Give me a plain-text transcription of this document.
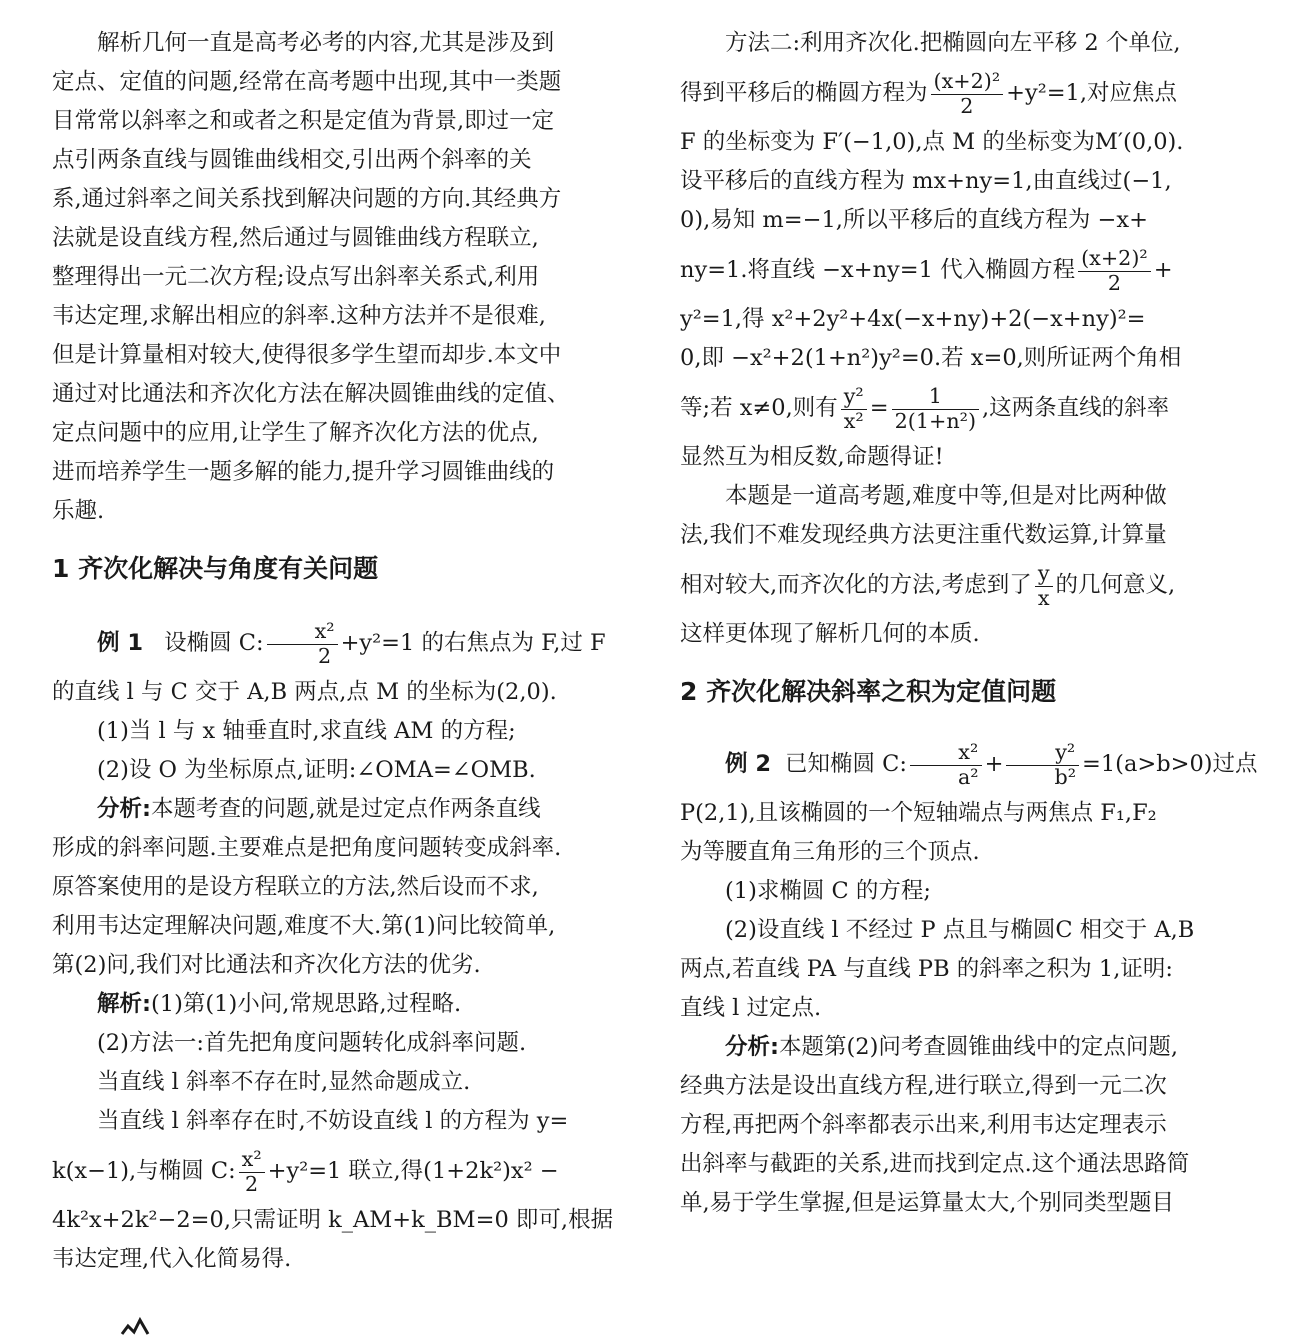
解析几何一直是高考必考的内容,尤其是涉及到
定点、定值的问题,经常在高考题中出现,其中一类题
目常常以斜率之和或者之积是定值为背景,即过一定
点引两条直线与圆锥曲线相交,引出两个斜率的关
系,通过斜率之间关系找到解决问题的方向.其经典方
法就是设直线方程,然后通过与圆锥曲线方程联立,
整理得出一元二次方程;设点写出斜率关系式,利用
韦达定理,求解出相应的斜率.这种方法并不是很难,
但是计算量相对较大,使得很多学生望而却步.本文中
通过对比通法和齐次化方法在解决圆锥曲线的定值、
定点问题中的应用,让学生了解齐次化方法的优点,
进而培养学生一题多解的能力,提升学习圆锥曲线的
乐趣.
1 齐次化解决与角度有关问题
例 1 设椭圆 C: $\frac{\text{x²}}{2} +y^2=1$ 的右焦点为 F,过 F
的直线 l 与 C 交于 A,B 两点,点 M 的坐标为(2,0).
(1)当 l 与 x 轴垂直时,求直线 AM 的方程;
(2)设 O 为坐标原点,证明:∠OMA=∠OMB.
分析:本题考查的问题,就是过定点作两条直线
形成的斜率问题.主要难点是把角度问题转变成斜率.
原答案使用的是设方程联立的方法,然后设而不求,
利用韦达定理解决问题,难度不大.第(1)问比较简单,
第(2)问,我们对比通法和齐次化方法的优劣.
解析:(1)第(1)小问,常规思路,过程略.
(2)方法一:首先把角度问题转化成斜率问题.
当直线 l 斜率不存在时,显然命题成立.
当直线 l 斜率存在时,不妨设直线 l 的方程为 y=
k(x−1),与椭圆 C: $\frac{\text{x²}}{2} +y^2=1$ 联立,得(1+2k²)x² −
4k²x+2k²−2=0,只需证明 k_AM+k_BM=0 即可,根据
韦达定理,代入化简易得.
方法二:利用齐次化.把椭圆向左平移 2 个单位,
得到平移后的椭圆方程为 $\frac{\text{(x+2)²}}{2} +y^2=1$,对应焦点
F 的坐标变为 F′(−1,0),点 M 的坐标变为M′(0,0).
设平移后的直线方程为 mx+ny=1,由直线过(−1,
0),易知 m=−1,所以平移后的直线方程为 −x+
ny=1.将直线 −x+ny=1 代入椭圆方程 $\frac{\text{(x+2)²}}{2}$ +
y²=1,得 x²+2y²+4x(−x+ny)+2(−x+ny)²=
0,即 −x²+2(1+n²)y²=0.若 x=0,则所证两个角相
等;若 x≠0,则有 $\frac{\text{y²}}{\text{x²}} = \frac{1}{\text{2(1+n²)}}$ ,这两条直线的斜率
显然互为相反数,命题得证!
本题是一道高考题,难度中等,但是对比两种做
法,我们不难发现经典方法更注重代数运算,计算量
相对较大,而齐次化的方法,考虑到了 $\frac{y}{x}$ 的几何意义,
这样更体现了解析几何的本质.
2 齐次化解决斜率之积为定值问题
例 2 已知椭圆 C: $\frac{\text{x²}}{\text{a²}} + \frac{\text{y²}}{\text{b²}} =1(a>b>0)$过点
P(2,1),且该椭圆的一个短轴端点与两焦点 F₁,F₂
为等腰直角三角形的三个顶点.
(1)求椭圆 C 的方程;
(2)设直线 l 不经过 P 点且与椭圆C 相交于 A,B
两点,若直线 PA 与直线 PB 的斜率之积为 1,证明:
直线 l 过定点.
分析:本题第(2)问考查圆锥曲线中的定点问题,
经典方法是设出直线方程,进行联立,得到一元二次
方程,再把两个斜率都表示出来,利用韦达定理表示
出斜率与截距的关系,进而找到定点.这个通法思路简
单,易于学生掌握,但是运算量太大,个别同类型题目
